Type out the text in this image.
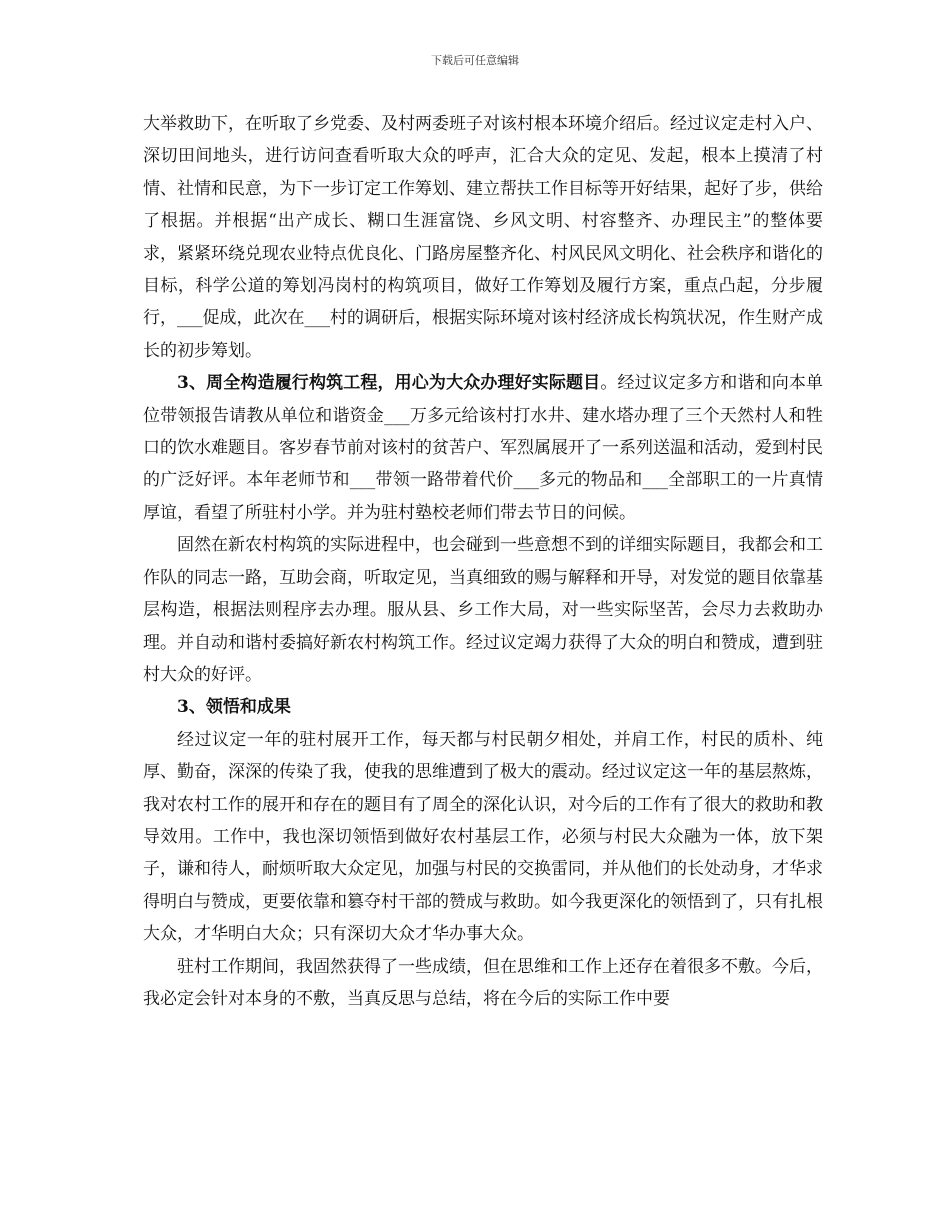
下载后可任意编辑

大举救助下，在听取了乡党委、及村两委班子对该村根本环境介绍后。经过议定走村入户、深切田间地头，进行访问查看听取大众的呼声，汇合大众的定见、发起，根本上摸清了村情、社情和民意，为下一步订定工作筹划、建立帮扶工作目标等开好结果，起好了步，供给了根据。并根据“出产成长、糊口生涯富饶、乡风文明、村容整齐、办理民主”的整体要求，紧紧环绕兑现农业特点优良化、门路房屋整齐化、村风民风文明化、社会秩序和谐化的目标，科学公道的筹划冯岗村的构筑项目，做好工作筹划及履行方案，重点凸起，分步履行，___促成，此次在___村的调研后，根据实际环境对该村经济成长构筑状况，作生财产成长的初步筹划。

3、周全构造履行构筑工程，用心为大众办理好实际题目。经过议定多方和谐和向本单位带领报告请教从单位和谐资金___万多元给该村打水井、建水塔办理了三个天然村人和牲口的饮水难题目。客岁春节前对该村的贫苦户、军烈属展开了一系列送温和活动，爱到村民的广泛好评。本年老师节和___带领一路带着代价___多元的物品和___全部职工的一片真情厚谊，看望了所驻村小学。并为驻村塾校老师们带去节日的问候。

固然在新农村构筑的实际进程中，也会碰到一些意想不到的详细实际题目，我都会和工作队的同志一路，互助会商，听取定见，当真细致的赐与解释和开导，对发觉的题目依靠基层构造，根据法则程序去办理。服从县、乡工作大局，对一些实际坚苦，会尽力去救助办理。并自动和谐村委搞好新农村构筑工作。经过议定竭力获得了大众的明白和赞成，遭到驻村大众的好评。

3、领悟和成果

经过议定一年的驻村展开工作，每天都与村民朝夕相处，并肩工作，村民的质朴、纯厚、勤奋，深深的传染了我，使我的思维遭到了极大的震动。经过议定这一年的基层熬炼，我对农村工作的展开和存在的题目有了周全的深化认识，对今后的工作有了很大的救助和教导效用。工作中，我也深切领悟到做好农村基层工作，必须与村民大众融为一体，放下架子，谦和待人，耐烦听取大众定见，加强与村民的交换雷同，并从他们的长处动身，才华求得明白与赞成，更要依靠和篡夺村干部的赞成与救助。如今我更深化的领悟到了，只有扎根大众，才华明白大众；只有深切大众才华办事大众。

驻村工作期间，我固然获得了一些成绩，但在思维和工作上还存在着很多不敷。今后，我必定会针对本身的不敷，当真反思与总结，将在今后的实际工作中要
